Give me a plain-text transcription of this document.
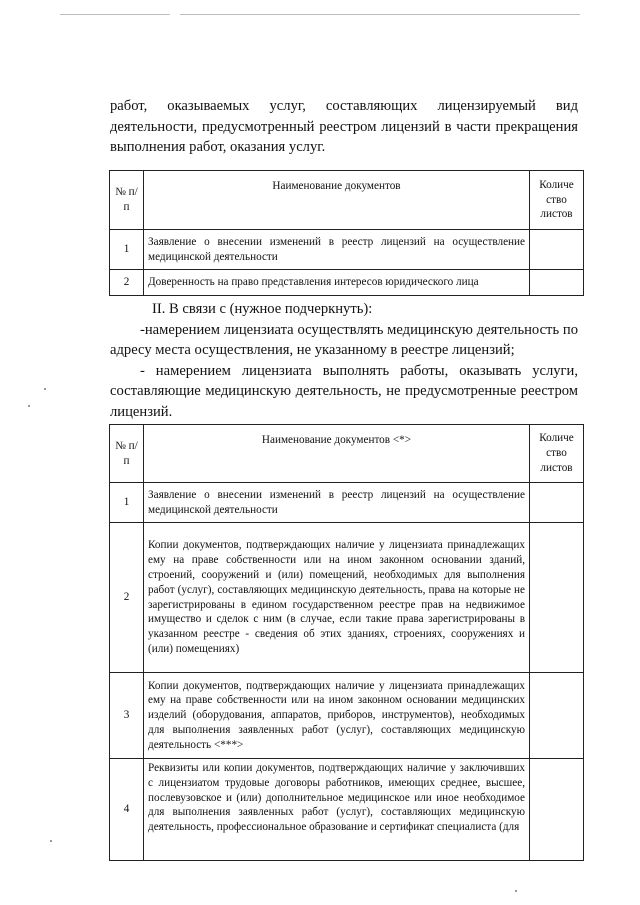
работ, оказываемых услуг, составляющих лицензируемый вид деятельности, предусмотренный реестром лицензий в части прекращения выполнения работ, оказания услуг.

№ п/п	Наименование документов	Количе ство листов
1	Заявление о внесении изменений в реестр лицензий на осуществление медицинской деятельности	
2	Доверенность на право представления интересов юридического лица	

II. В связи с (нужное подчеркнуть):

-намерением лицензиата осуществлять медицинскую деятельность по адресу места осуществления, не указанному в реестре лицензий;

- намерением лицензиата выполнять работы, оказывать услуги, составляющие медицинскую деятельность, не предусмотренные реестром лицензий.

№ п/п	Наименование документов <*>	Количе ство листов
1	Заявление о внесении изменений в реестр лицензий на осуществление медицинской деятельности	
2	Копии документов, подтверждающих наличие у лицензиата принадлежащих ему на праве собственности или на ином законном основании зданий, строений, сооружений и (или) помещений, необходимых для выполнения работ (услуг), составляющих медицинскую деятельность, права на которые не зарегистрированы в едином государственном реестре прав на недвижимое имущество и сделок с ним (в случае, если такие права зарегистрированы в указанном реестре - сведения об этих зданиях, строениях, сооружениях и (или) помещениях)	
3	Копии документов, подтверждающих наличие у лицензиата принадлежащих ему на праве собственности или на ином законном основании медицинских изделий (оборудования, аппаратов, приборов, инструментов), необходимых для выполнения заявленных работ (услуг), составляющих медицинскую деятельность <***>	
4	Реквизиты или копии документов, подтверждающих наличие у заключивших с лицензиатом трудовые договоры работников, имеющих среднее, высшее, послевузовское и (или) дополнительное медицинское или иное необходимое для выполнения заявленных работ (услуг), составляющих медицинскую деятельность, профессиональное образование и сертификат специалиста (для	
